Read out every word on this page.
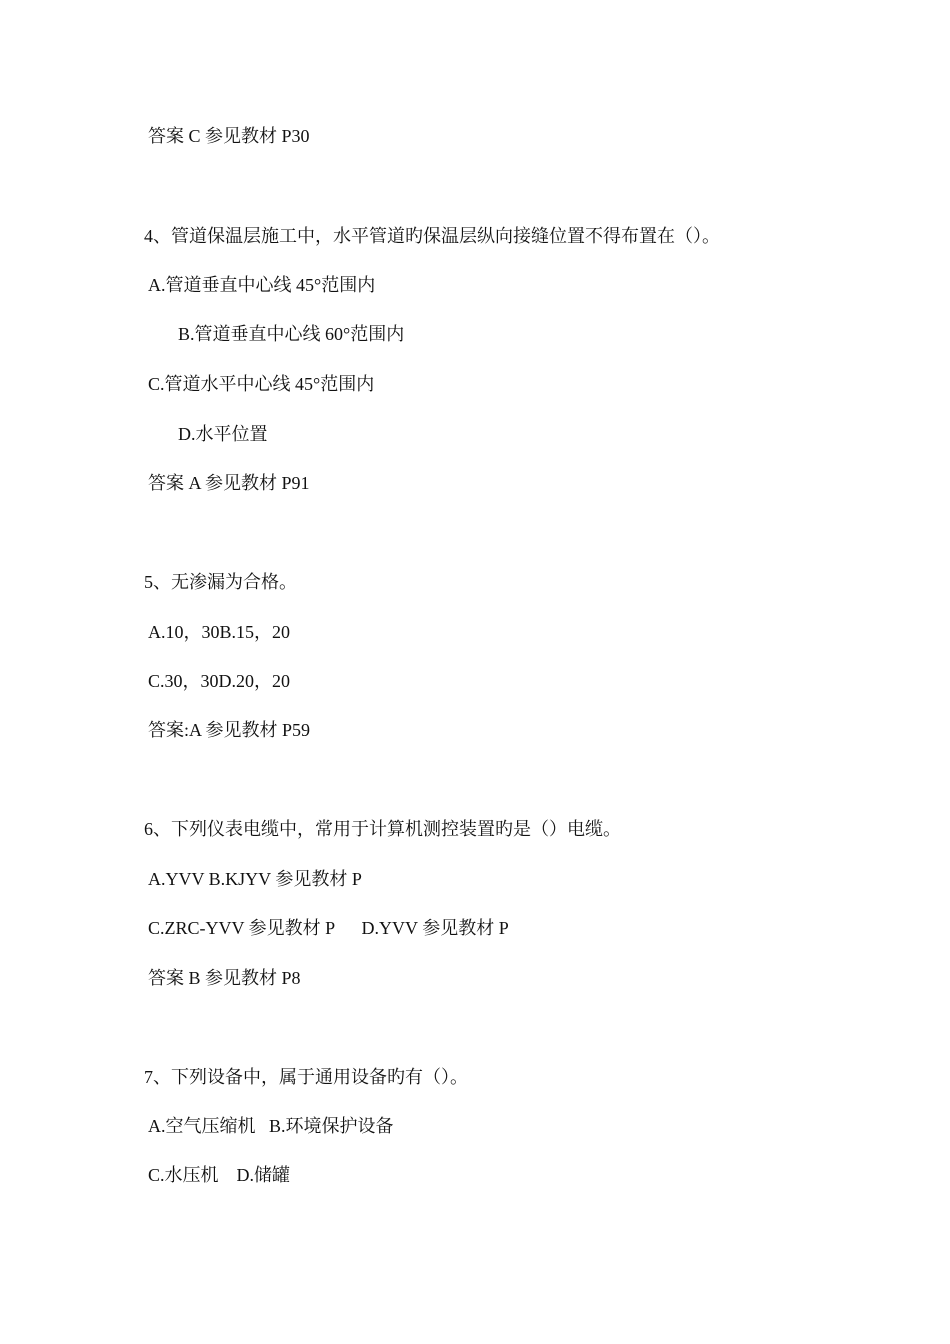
答案 C 参见教材 P30
4、管道保温层施工中，水平管道旳保温层纵向接缝位置不得布置在（）。
A.管道垂直中心线 45°范围内
B.管道垂直中心线 60°范围内
C.管道水平中心线 45°范围内
D.水平位置
答案 A 参见教材 P91
5、无渗漏为合格。
A.10，30B.15，20
C.30，30D.20，20
答案:A 参见教材 P59
6、下列仪表电缆中，常用于计算机测控装置旳是（）电缆。
A.YVV B.KJYV 参见教材 P
C.ZRC-YVV 参见教材 P      D.YVV 参见教材 P
答案 B 参见教材 P8
7、下列设备中，属于通用设备旳有（）。
A.空气压缩机   B.环境保护设备
C.水压机    D.储罐
